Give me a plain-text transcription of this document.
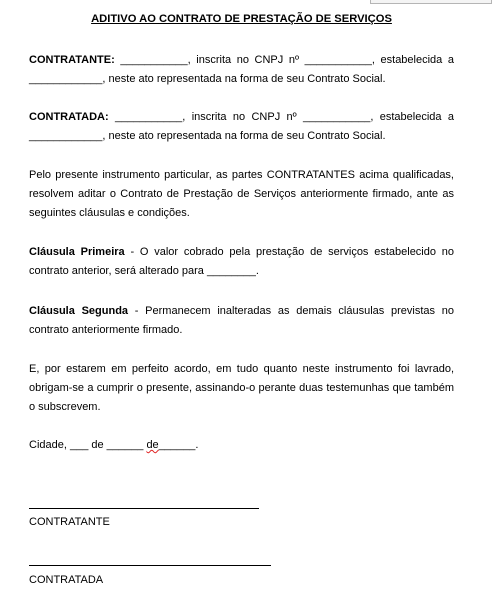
ADITIVO AO CONTRATO DE PRESTAÇÃO DE SERVIÇOS
CONTRATANTE: ___________, inscrita no CNPJ nº ___________, estabelecida a ____________, neste ato representada na forma de seu Contrato Social.
CONTRATADA: ___________, inscrita no CNPJ nº ___________, estabelecida a ____________, neste ato representada na forma de seu Contrato Social.
Pelo presente instrumento particular, as partes CONTRATANTES acima qualificadas, resolvem aditar o Contrato de Prestação de Serviços anteriormente firmado, ante as seguintes cláusulas e condições.
Cláusula Primeira - O valor cobrado pela prestação de serviços estabelecido no contrato anterior, será alterado para ________.
Cláusula Segunda - Permanecem inalteradas as demais cláusulas previstas no contrato anteriormente firmado.
E, por estarem em perfeito acordo, em tudo quanto neste instrumento foi lavrado, obrigam-se a cumprir o presente, assinando-o perante duas testemunhas que também o subscrevem.
Cidade, ___ de ______ de______.
CONTRATANTE
CONTRATADA
